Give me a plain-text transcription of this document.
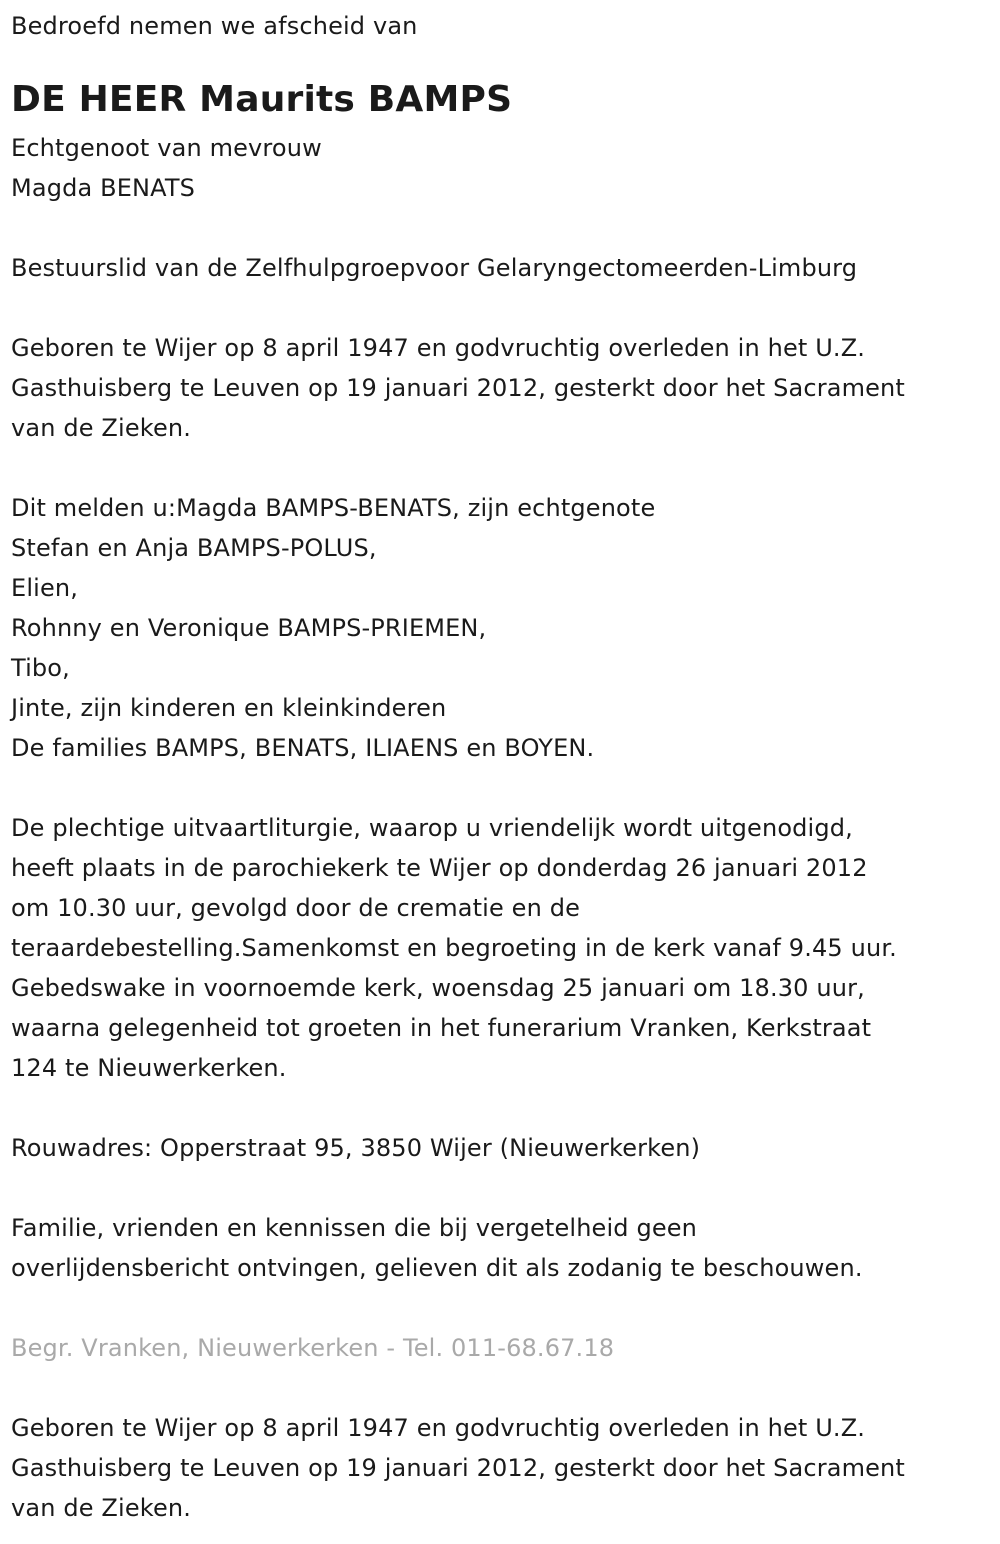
Bedroefd nemen we afscheid van
DE HEER Maurits BAMPS
Echtgenoot van mevrouw
Magda BENATS
Bestuurslid van de Zelfhulpgroepvoor Gelaryngectomeerden-Limburg
Geboren te Wijer op 8 april 1947 en godvruchtig overleden in het U.Z.
Gasthuisberg te Leuven op 19 januari 2012, gesterkt door het Sacrament
van de Zieken.
Dit melden u:Magda BAMPS-BENATS, zijn echtgenote
Stefan en Anja BAMPS-POLUS,
Elien,
Rohnny en Veronique BAMPS-PRIEMEN,
Tibo,
Jinte, zijn kinderen en kleinkinderen
De families BAMPS, BENATS, ILIAENS en BOYEN.
De plechtige uitvaartliturgie, waarop u vriendelijk wordt uitgenodigd,
heeft plaats in de parochiekerk te Wijer op donderdag 26 januari 2012
om 10.30 uur, gevolgd door de crematie en de
teraardebestelling.Samenkomst en begroeting in de kerk vanaf 9.45 uur.
Gebedswake in voornoemde kerk, woensdag 25 januari om 18.30 uur,
waarna gelegenheid tot groeten in het funerarium Vranken, Kerkstraat
124 te Nieuwerkerken.
Rouwadres: Opperstraat 95, 3850 Wijer (Nieuwerkerken)
Familie, vrienden en kennissen die bij vergetelheid geen
overlijdensbericht ontvingen, gelieven dit als zodanig te beschouwen.
Begr. Vranken, Nieuwerkerken - Tel. 011-68.67.18
Geboren te Wijer op 8 april 1947 en godvruchtig overleden in het U.Z.
Gasthuisberg te Leuven op 19 januari 2012, gesterkt door het Sacrament
van de Zieken.
